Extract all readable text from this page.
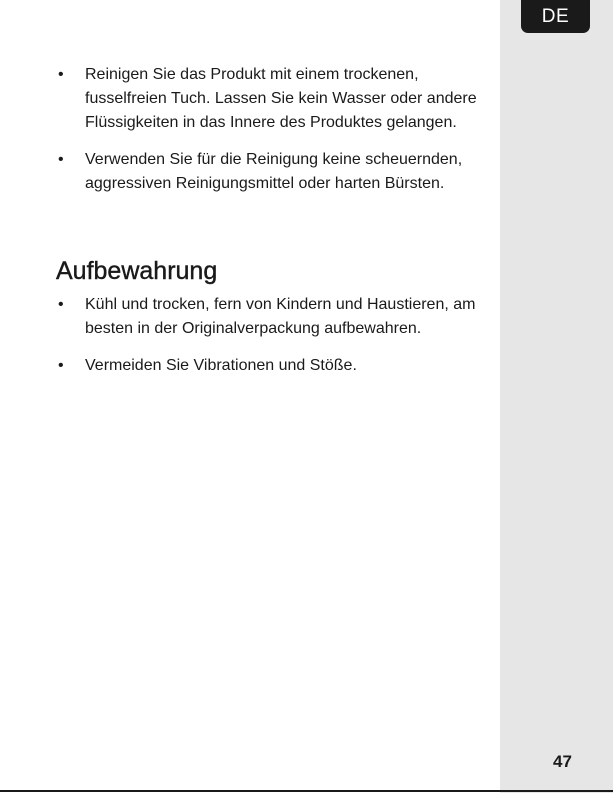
DE
• Reinigen Sie das Produkt mit einem trockenen, fusselfreien Tuch. Lassen Sie kein Wasser oder andere Flüssigkeiten in das Innere des Produktes gelangen.
• Verwenden Sie für die Reinigung keine scheuernden, aggressiven Reinigungsmittel oder harten Bürsten.
Aufbewahrung
• Kühl und trocken, fern von Kindern und Haustieren, am besten in der Originalverpackung aufbewahren.
• Vermeiden Sie Vibrationen und Stöße.
47
